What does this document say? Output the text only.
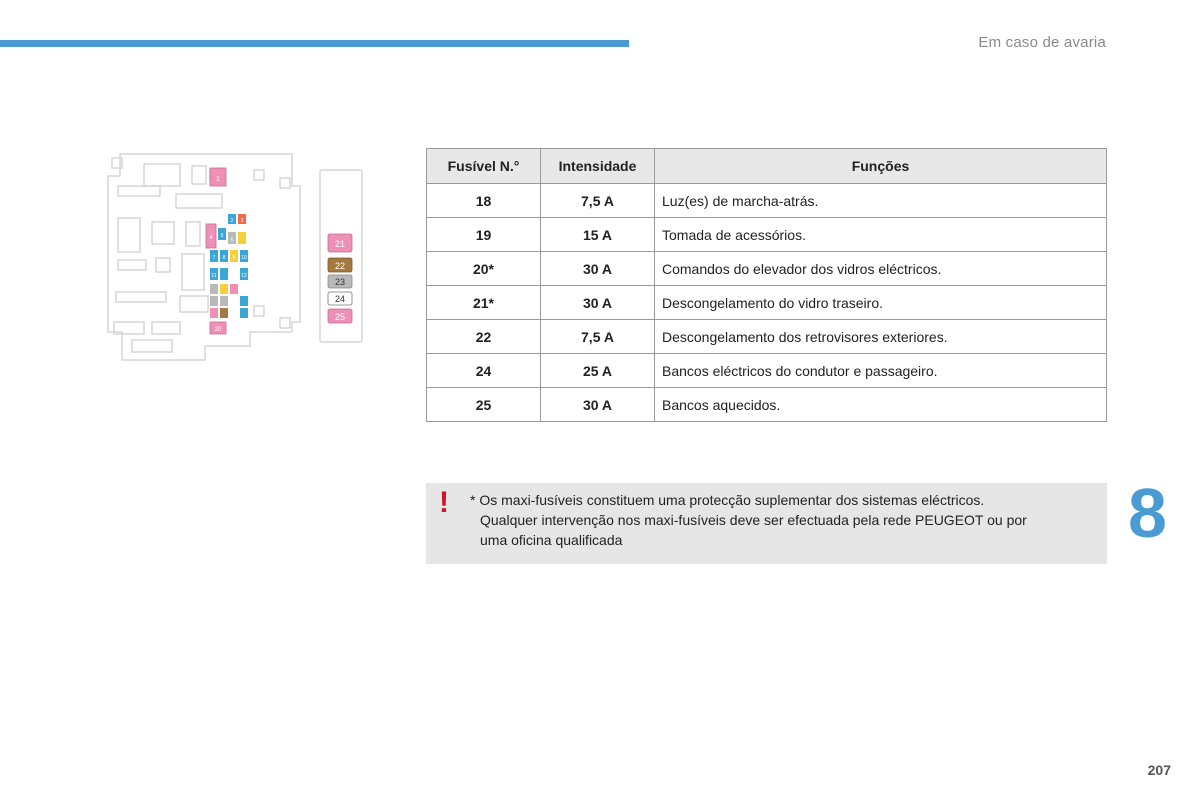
Em caso de avaria
1
4
2 3
5
6
7 8 9 10
11	12
20
21
22
23
24
25
Fusível N.°	Intensidade	Funções
18	7,5 A	Luz(es) de marcha-atrás.
19	15 A	Tomada de acessórios.
20*	30 A	Comandos do elevador dos vidros eléctricos.
21*	30 A	Descongelamento do vidro traseiro.
22	7,5 A	Descongelamento dos retrovisores exteriores.
24	25 A	Bancos eléctricos do condutor e passageiro.
25	30 A	Bancos aquecidos.
! * Os maxi-fusíveis constituem uma protecção suplementar dos sistemas eléctricos.
Qualquer intervenção nos maxi-fusíveis deve ser efectuada pela rede PEUGEOT ou por
uma oficina qualificada	8
207
